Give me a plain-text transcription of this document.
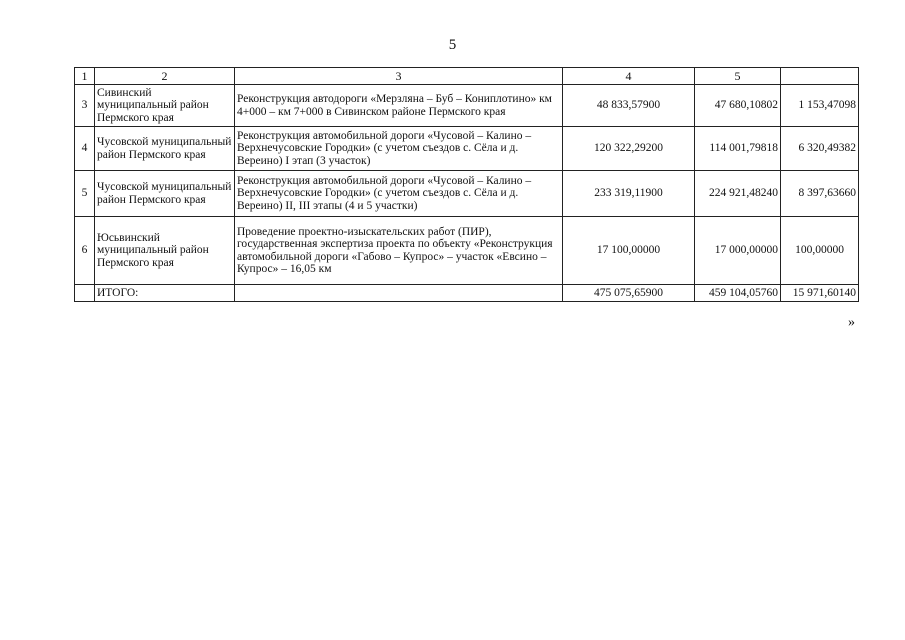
5
1	2	3	4	5	
3	Сивинский муниципальный район Пермского края	Реконструкция автодороги «Мерзляна – Буб – Кониплотино» км 4+000 – км 7+000 в Сивинском районе Пермского края	48 833,57900	47 680,10802	1 153,47098
4	Чусовской муниципальный район Пермского края	Реконструкция автомобильной дороги «Чусовой – Калино – Верхнечусовские Городки» (с учетом съездов с. Сёла и д. Верeино) I этап (3 участок)	120 322,29200	114 001,79818	6 320,49382
5	Чусовской муниципальный район Пермского края	Реконструкция автомобильной дороги «Чусовой – Калино – Верхнечусовские Городки» (с учетом съездов с. Сёла и д. Верeино) II, III этапы (4 и 5 участки)	233 319,11900	224 921,48240	8 397,63660
6	Юсьвинский муниципальный район Пермского края	Проведение проектно-изыскательских работ (ПИР), государственная экспертиза проекта по объекту «Реконструкция автомобильной дороги «Габово – Купрос» – участок «Евсино – Купрос» – 16,05 км	17 100,00000	17 000,00000	100,00000
	ИТОГО:		475 075,65900	459 104,05760	15 971,60140
»
